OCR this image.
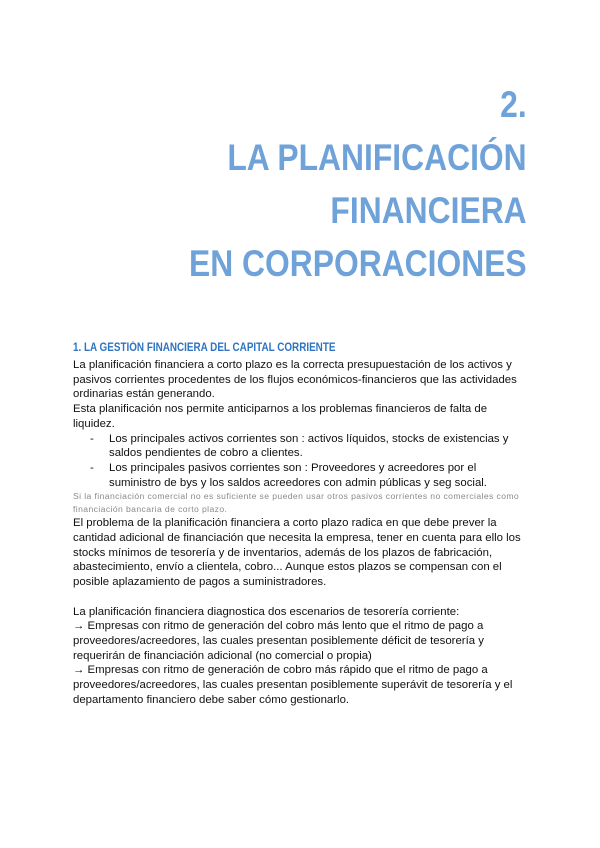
2.
LA PLANIFICACIÓN
FINANCIERA
EN CORPORACIONES
1. LA GESTIÓN FINANCIERA DEL CAPITAL CORRIENTE

La planificación financiera a corto plazo es la correcta presupuestación de los activos y pasivos corrientes procedentes de los flujos económicos-financieros que las actividades ordinarias están generando.

Esta planificación nos permite anticiparnos a los problemas financieros de falta de liquidez.

- Los principales activos corrientes son : activos líquidos, stocks de existencias y saldos pendientes de cobro a clientes.
- Los principales pasivos corrientes son : Proveedores y acreedores por el suministro de bys y los saldos acreedores con admin públicas y seg social.

Si la financiación comercial no es suficiente se pueden usar otros pasivos corrientes no comerciales como financiación bancaria de corto plazo.

El problema de la planificación financiera a corto plazo radica en que debe prever la cantidad adicional de financiación que necesita la empresa, tener en cuenta para ello los stocks mínimos de tesorería y de inventarios, además de los plazos de fabricación, abastecimiento, envío a clientela, cobro... Aunque estos plazos se compensan con el posible aplazamiento de pagos a suministradores.

La planificación financiera diagnostica dos escenarios de tesorería corriente:

→ Empresas con ritmo de generación del cobro más lento que el ritmo de pago a proveedores/acreedores, las cuales presentan posiblemente déficit de tesorería y requerirán de financiación adicional (no comercial o propia)

→ Empresas con ritmo de generación de cobro más rápido que el ritmo de pago a proveedores/acreedores, las cuales presentan posiblemente superávit de tesorería y el departamento financiero debe saber cómo gestionarlo.
